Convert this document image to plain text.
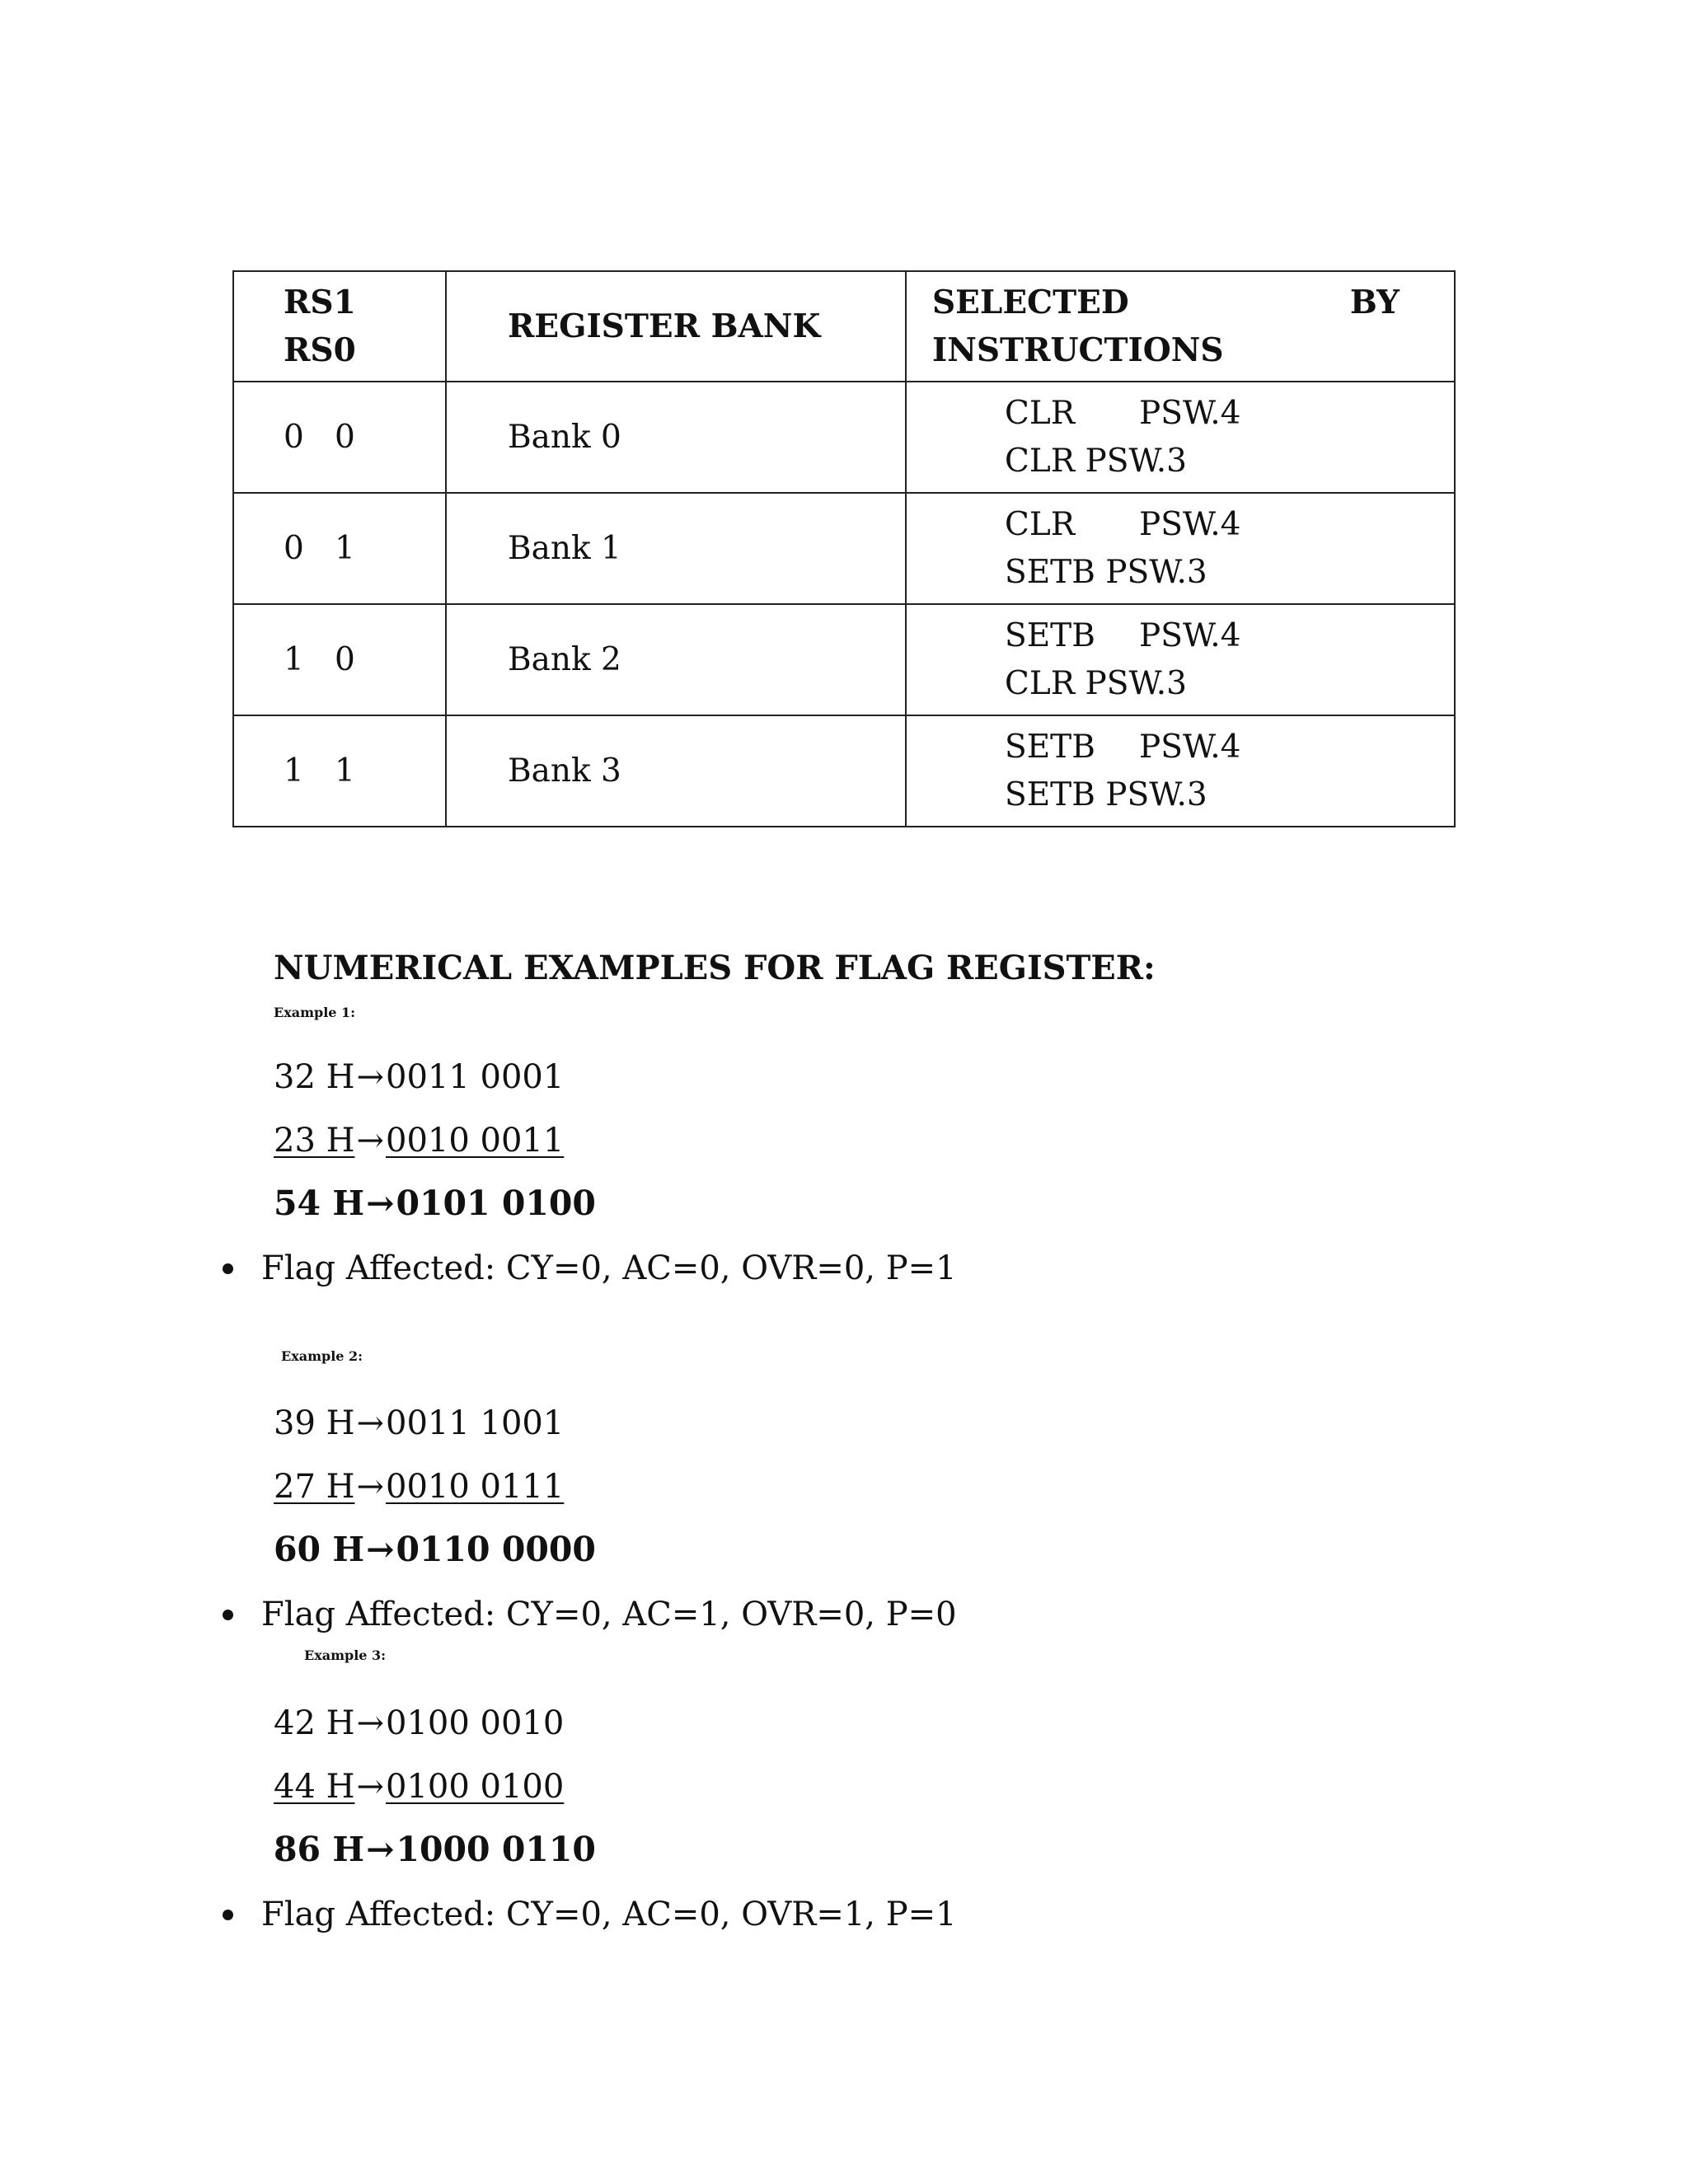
RS1
RS0	REGISTER BANK	SELECTED BY
INSTRUCTIONS

0 0	Bank 0	CLR PSW.4
CLR PSW.3

0 1	Bank 1	CLR PSW.4
SETB PSW.3

1 0	Bank 2	SETB PSW.4
CLR PSW.3

1 1	Bank 3	SETB PSW.4
SETB PSW.3
NUMERICAL EXAMPLES FOR FLAG REGISTER:
Example 1:
32 H→0011 0001
23 H→0010 0011
54 H→0101 0100
Flag Affected: CY=0, AC=0, OVR=0, P=1
Example 2:
39 H→0011 1001
27 H→0010 0111
60 H→0110 0000
Flag Affected: CY=0, AC=1, OVR=0, P=0
Example 3:
42 H→0100 0010
44 H→0100 0100
86 H→1000 0110
Flag Affected: CY=0, AC=0, OVR=1, P=1
